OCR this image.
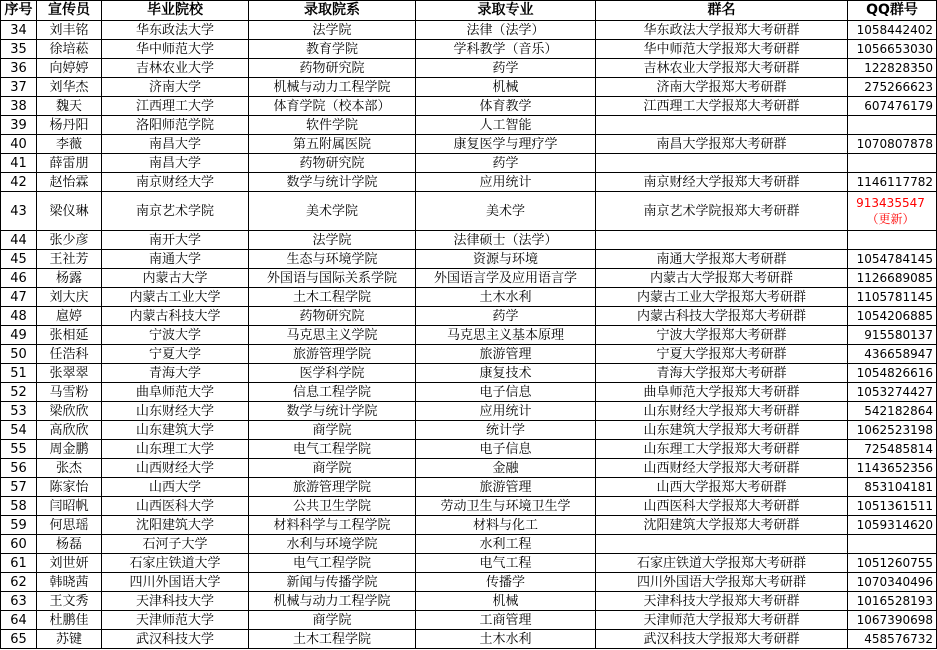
序号	宣传员	毕业院校	录取院系	录取专业	群名	QQ群号
34	刘丰铭	华东政法大学	法学院	法律（法学）	华东政法大学报郑大考研群	1058442402
35	徐培菘	华中师范大学	教育学院	学科教学（音乐）	华中师范大学报郑大考研群	1056653030
36	向婷婷	吉林农业大学	药物研究院	药学	吉林农业大学报郑大考研群	122828350
37	刘华杰	济南大学	机械与动力工程学院	机械	济南大学报郑大考研群	275266623
38	魏天	江西理工大学	体育学院（校本部）	体育教学	江西理工大学报郑大考研群	607476179
39	杨丹阳	洛阳师范学院	软件学院	人工智能		
40	李薇	南昌大学	第五附属医院	康复医学与理疗学	南昌大学报郑大考研群	1070807878
41	薛雷朋	南昌大学	药物研究院	药学		
42	赵怡霖	南京财经大学	数学与统计学院	应用统计	南京财经大学报郑大考研群	1146117782
43	梁仪琳	南京艺术学院	美术学院	美术学	南京艺术学院报郑大考研群	913435547
（更新）

44	张少彦	南开大学	法学院	法律硕士（法学）		
45	王社芳	南通大学	生态与环境学院	资源与环境	南通大学报郑大考研群	1054784145
46	杨露	内蒙古大学	外国语与国际关系学院	外国语言学及应用语言学	内蒙古大学报郑大考研群	1126689085
47	刘大庆	内蒙古工业大学	土木工程学院	土木水利	内蒙古工业大学报郑大考研群	1105781145
48	扈婷	内蒙古科技大学	药物研究院	药学	内蒙古科技大学报郑大考研群	1054206885
49	张相延	宁波大学	马克思主义学院	马克思主义基本原理	宁波大学报郑大考研群	915580137
50	任浩科	宁夏大学	旅游管理学院	旅游管理	宁夏大学报郑大考研群	436658947
51	张翠翠	青海大学	医学科学院	康复技术	青海大学报郑大考研群	1054826616
52	马雪粉	曲阜师范大学	信息工程学院	电子信息	曲阜师范大学报郑大考研群	1053274427
53	梁欣欣	山东财经大学	数学与统计学院	应用统计	山东财经大学报郑大考研群	542182864
54	高欣欣	山东建筑大学	商学院	统计学	山东建筑大学报郑大考研群	1062523198
55	周金鹏	山东理工大学	电气工程学院	电子信息	山东理工大学报郑大考研群	725485814
56	张杰	山西财经大学	商学院	金融	山西财经大学报郑大考研群	1143652356
57	陈家怡	山西大学	旅游管理学院	旅游管理	山西大学报郑大考研群	853104181
58	闫昭帆	山西医科大学	公共卫生学院	劳动卫生与环境卫生学	山西医科大学报郑大考研群	1051361511
59	何思瑶	沈阳建筑大学	材料科学与工程学院	材料与化工	沈阳建筑大学报郑大考研群	1059314620
60	杨磊	石河子大学	水利与环境学院	水利工程		
61	刘世妍	石家庄铁道大学	电气工程学院	电气工程	石家庄铁道大学报郑大考研群	1051260755
62	韩晓茜	四川外国语大学	新闻与传播学院	传播学	四川外国语大学报郑大考研群	1070340496
63	王文秀	天津科技大学	机械与动力工程学院	机械	天津科技大学报郑大考研群	1016528193
64	杜鹏佳	天津师范大学	商学院	工商管理	天津师范大学报郑大考研群	1067390698
65	苏键	武汉科技大学	土木工程学院	土木水利	武汉科技大学报郑大考研群	458576732
